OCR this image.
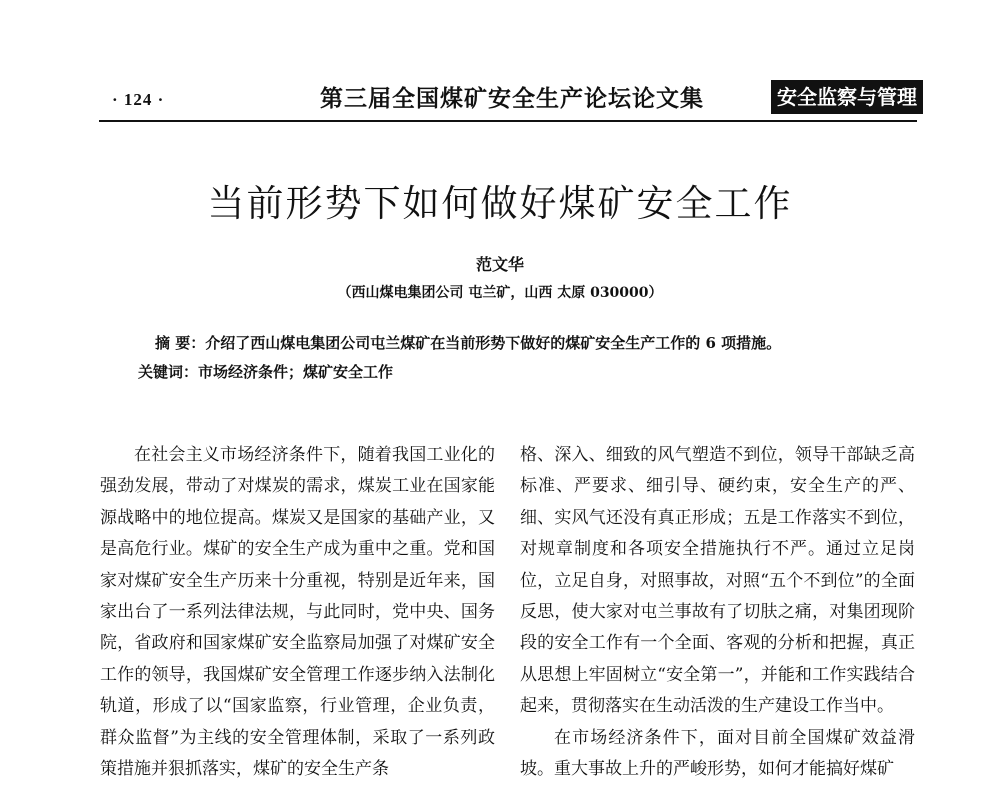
· 124 ·	第三届全国煤矿安全生产论坛论文集	安全监察与管理
当前形势下如何做好煤矿安全工作
范文华
（西山煤电集团公司 屯兰矿，山西 太原 030000）
摘 要：介绍了西山煤电集团公司屯兰煤矿在当前形势下做好的煤矿安全生产工作的 6 项措施。
关键词：市场经济条件；煤矿安全工作

在社会主义市场经济条件下，随着我国工业化的强劲发展，带动了对煤炭的需求，煤炭工业在国家能源战略中的地位提高。煤炭又是国家的基础产业，又是高危行业。煤矿的安全生产成为重中之重。党和国家对煤矿安全生产历来十分重视，特别是近年来，国家出台了一系列法律法规，与此同时，党中央、国务院，省政府和国家煤矿安全监察局加强了对煤矿安全工作的领导，我国煤矿安全管理工作逐步纳入法制化轨道，形成了以“国家监察，行业管理，企业负责，群众监督”为主线的安全管理体制，采取了一系列政策措施并狠抓落实，煤矿的安全生产条

格、深入、细致的风气塑造不到位，领导干部缺乏高标准、严要求、细引导、硬约束，安全生产的严、细、实风气还没有真正形成；五是工作落实不到位，对规章制度和各项安全措施执行不严。通过立足岗位，立足自身，对照事故，对照“五个不到位”的全面反思，使大家对屯兰事故有了切肤之痛，对集团现阶段的安全工作有一个全面、客观的分析和把握，真正从思想上牢固树立“安全第一”，并能和工作实践结合起来，贯彻落实在生动活泼的生产建设工作当中。

在市场经济条件下，面对目前全国煤矿效益滑坡。重大事故上升的严峻形势，如何才能搞好煤矿
